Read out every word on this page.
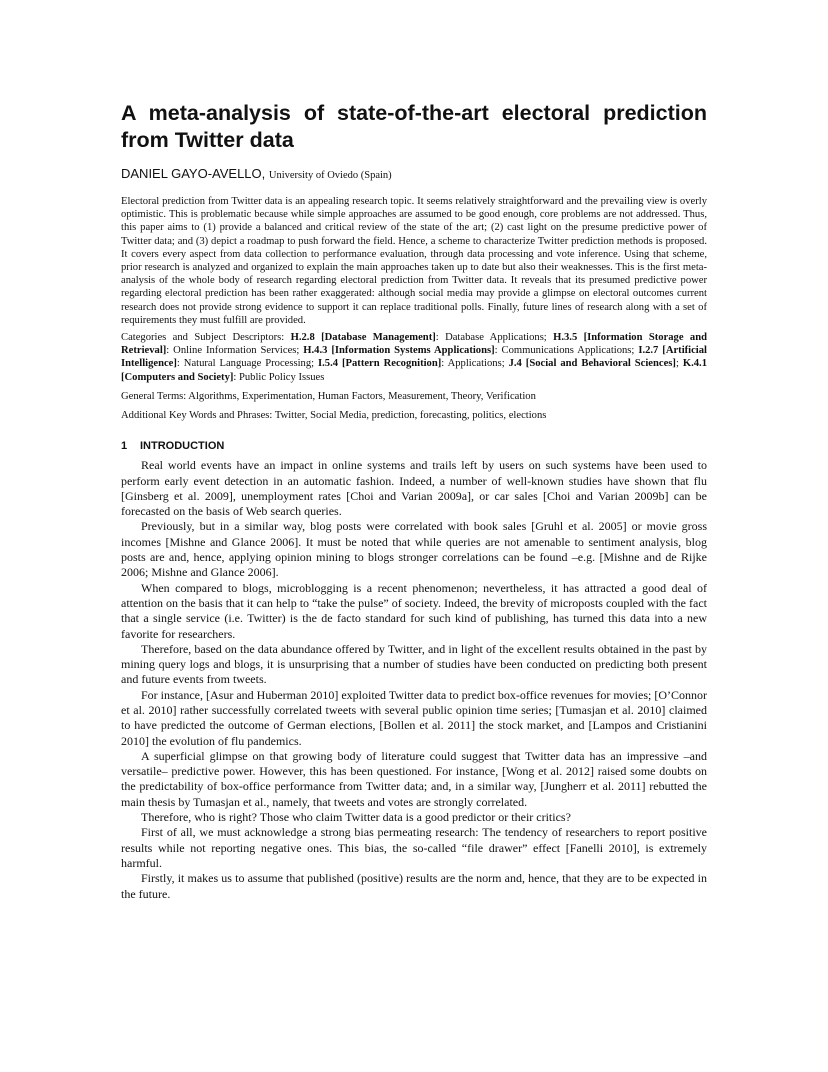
A meta-analysis of state-of-the-art electoral prediction from Twitter data

DANIEL GAYO-AVELLO, University of Oviedo (Spain)

Electoral prediction from Twitter data is an appealing research topic. It seems relatively straightforward and the prevailing view is overly optimistic. This is problematic because while simple approaches are assumed to be good enough, core problems are not addressed. Thus, this paper aims to (1) provide a balanced and critical review of the state of the art; (2) cast light on the presume predictive power of Twitter data; and (3) depict a roadmap to push forward the field. Hence, a scheme to characterize Twitter prediction methods is proposed. It covers every aspect from data collection to performance evaluation, through data processing and vote inference. Using that scheme, prior research is analyzed and organized to explain the main approaches taken up to date but also their weaknesses. This is the first meta-analysis of the whole body of research regarding electoral prediction from Twitter data. It reveals that its presumed predictive power regarding electoral prediction has been rather exaggerated: although social media may provide a glimpse on electoral outcomes current research does not provide strong evidence to support it can replace traditional polls. Finally, future lines of research along with a set of requirements they must fulfill are provided.

Categories and Subject Descriptors: H.2.8 [Database Management]: Database Applications; H.3.5 [Information Storage and Retrieval]: Online Information Services; H.4.3 [Information Systems Applications]: Communications Applications; I.2.7 [Artificial Intelligence]: Natural Language Processing; I.5.4 [Pattern Recognition]: Applications; J.4 [Social and Behavioral Sciences]; K.4.1 [Computers and Society]: Public Policy Issues

General Terms: Algorithms, Experimentation, Human Factors, Measurement, Theory, Verification

Additional Key Words and Phrases: Twitter, Social Media, prediction, forecasting, politics, elections

1 INTRODUCTION

Real world events have an impact in online systems and trails left by users on such systems have been used to perform early event detection in an automatic fashion. Indeed, a number of well-known studies have shown that flu [Ginsberg et al. 2009], unemployment rates [Choi and Varian 2009a], or car sales [Choi and Varian 2009b] can be forecasted on the basis of Web search queries.

Previously, but in a similar way, blog posts were correlated with book sales [Gruhl et al. 2005] or movie gross incomes [Mishne and Glance 2006]. It must be noted that while queries are not amenable to sentiment analysis, blog posts are and, hence, applying opinion mining to blogs stronger correlations can be found –e.g. [Mishne and de Rijke 2006; Mishne and Glance 2006].

When compared to blogs, microblogging is a recent phenomenon; nevertheless, it has attracted a good deal of attention on the basis that it can help to “take the pulse” of society. Indeed, the brevity of microposts coupled with the fact that a single service (i.e. Twitter) is the de facto standard for such kind of publishing, has turned this data into a new favorite for researchers.

Therefore, based on the data abundance offered by Twitter, and in light of the excellent results obtained in the past by mining query logs and blogs, it is unsurprising that a number of studies have been conducted on predicting both present and future events from tweets.

For instance, [Asur and Huberman 2010] exploited Twitter data to predict box-office revenues for movies; [O’Connor et al. 2010] rather successfully correlated tweets with several public opinion time series; [Tumasjan et al. 2010] claimed to have predicted the outcome of German elections, [Bollen et al. 2011] the stock market, and [Lampos and Cristianini 2010] the evolution of flu pandemics.

A superficial glimpse on that growing body of literature could suggest that Twitter data has an impressive –and versatile– predictive power. However, this has been questioned. For instance, [Wong et al. 2012] raised some doubts on the predictability of box-office performance from Twitter data; and, in a similar way, [Jungherr et al. 2011] rebutted the main thesis by Tumasjan et al., namely, that tweets and votes are strongly correlated.

Therefore, who is right? Those who claim Twitter data is a good predictor or their critics?

First of all, we must acknowledge a strong bias permeating research: The tendency of researchers to report positive results while not reporting negative ones. This bias, the so-called “file drawer” effect [Fanelli 2010], is extremely harmful.

Firstly, it makes us to assume that published (positive) results are the norm and, hence, that they are to be expected in the future.
